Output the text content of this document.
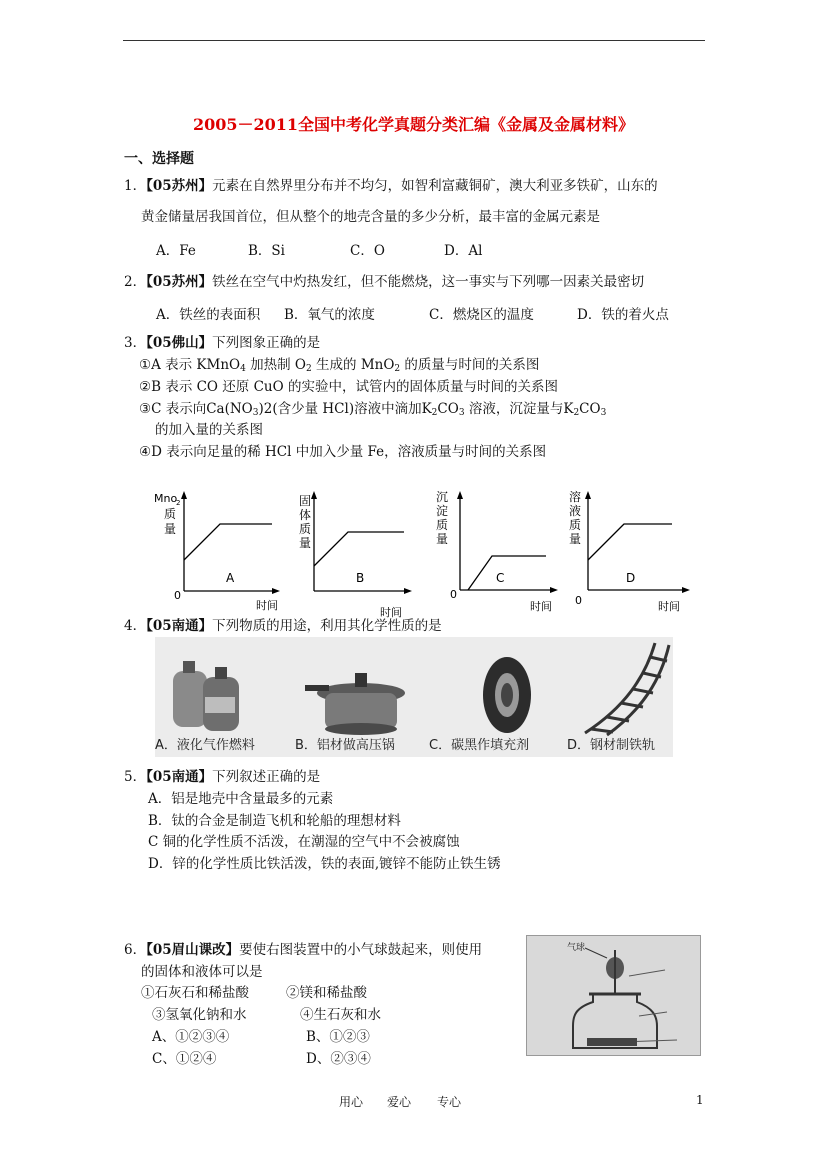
2005－2011全国中考化学真题分类汇编《金属及金属材料》
一、选择题
1．【05苏州】元素在自然界里分布并不均匀，如智利富藏铜矿，澳大利亚多铁矿，山东的
黄金储量居我国首位，但从整个的地壳含量的多少分析，最丰富的金属元素是
A．Fe	B．Si	C．O	D．Al
2．【05苏州】铁丝在空气中灼热发红，但不能燃烧，这一事实与下列哪一因素关最密切
A．铁丝的表面积 B．氧气的浓度	C．燃烧区的温度	D．铁的着火点
3．【05佛山】下列图象正确的是
①A 表示 KMnO$_4$ 加热制 $O_2$ 生成的 MnO$_2$ 的质量与时间的关系图
②B 表示 CO 还原 CuO 的实验中，试管内的固体质量与时间的关系图
③C 表示向$Ca(NO_3)2$(含少量 HCl)溶液中滴加$K_2CO_3$ 溶液，沉淀量与$K_2CO_3$
的加入量的关系图
④D 表示向足量的稀 HCl 中加入少量 Fe，溶液质量与时间的关系图
Mno
2
质
量
0
A
时间
固
体
质
量
B
时间
沉
淀
质
量
0
C
时间
溶
液
质
量
0
D
时间
4．【05南通】下列物质的用途，利用其化学性质的是
A．液化气作燃料	B．铝材做高压锅	C．碳黑作填充剂	D．钢材制铁轨
5．【05南通】下列叙述正确的是
A．铝是地壳中含量最多的元素
B．钛的合金是制造飞机和轮船的理想材料
C 铜的化学性质不活泼，在潮湿的空气中不会被腐蚀
D．锌的化学性质比铁活泼，铁的表面,镀锌不能防止铁生锈
6．【05眉山课改】要使右图装置中的小气球鼓起来，则使用
的固体和液体可以是
①石灰石和稀盐酸	②镁和稀盐酸
③氢氧化钠和水	④生石灰和水
A、①②③④	B、①②③
C、①②④	D、②③④
气球
用心 爱心 专心	1
